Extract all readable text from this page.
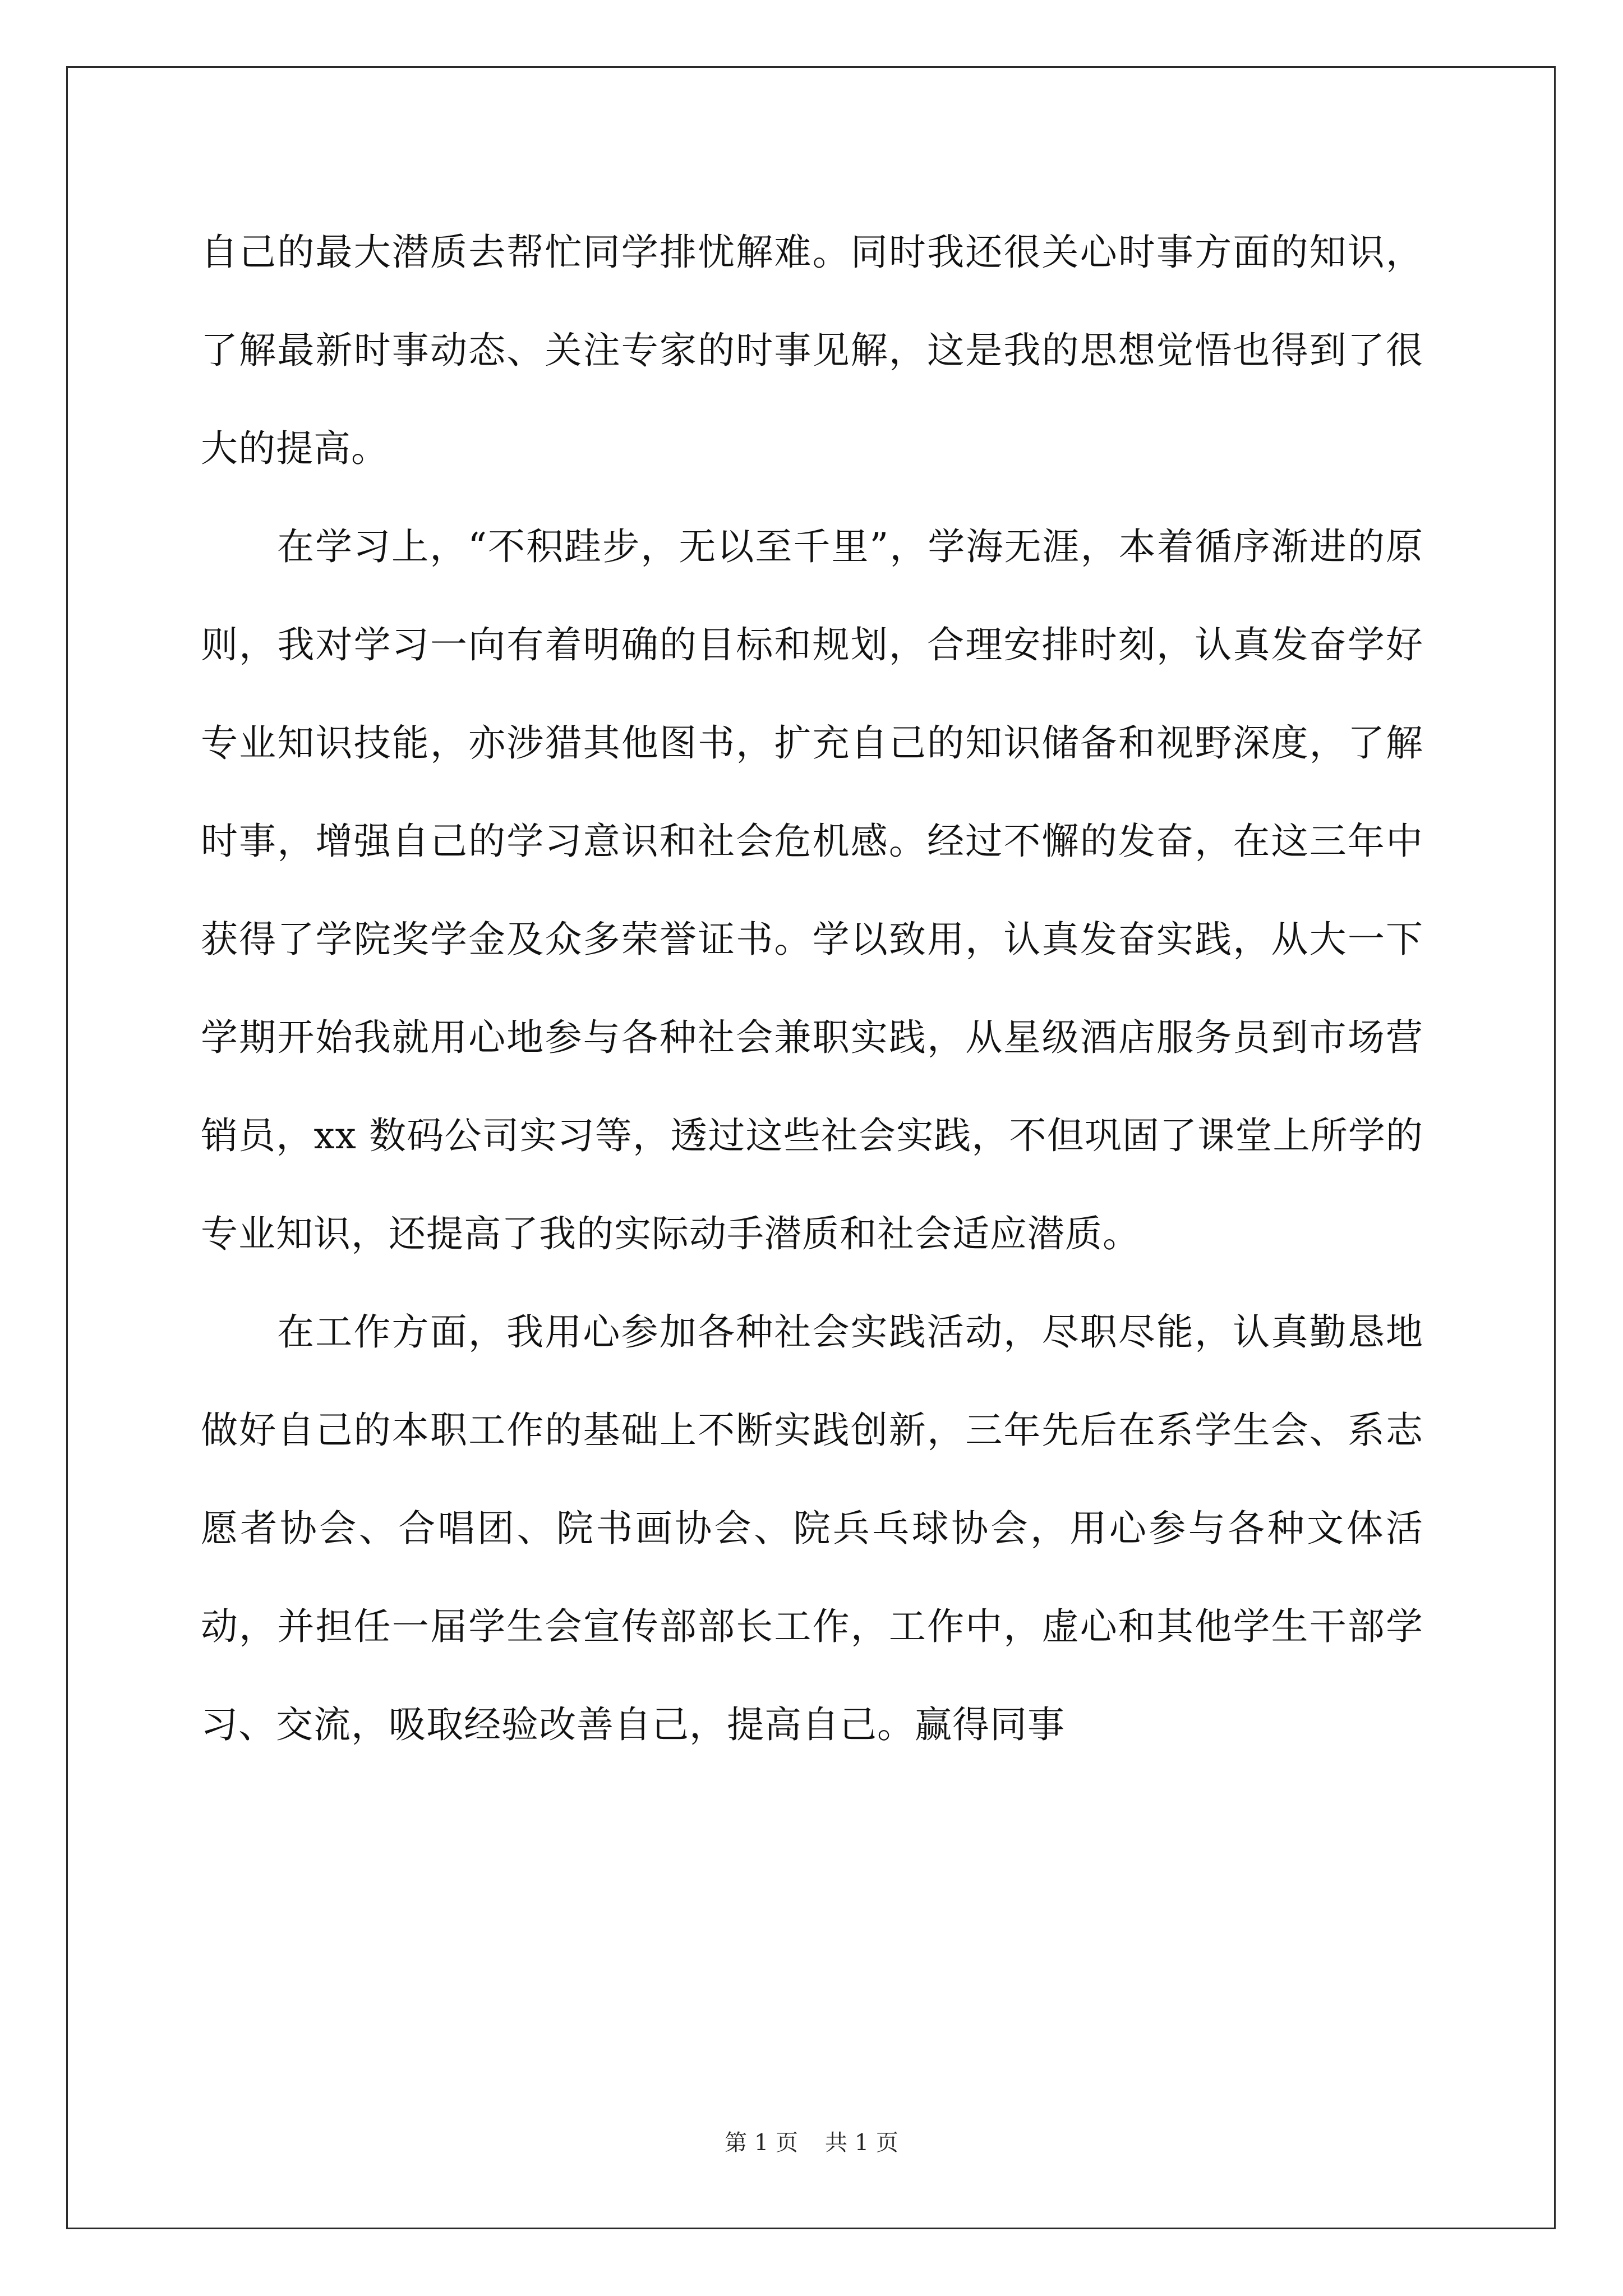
自己的最大潜质去帮忙同学排忧解难。同时我还很关心时事方面的知识，了解最新时事动态、关注专家的时事见解，这是我的思想觉悟也得到了很大的提高。

在学习上，“不积跬步，无以至千里”，学海无涯，本着循序渐进的原则，我对学习一向有着明确的目标和规划，合理安排时刻，认真发奋学好专业知识技能，亦涉猎其他图书，扩充自己的知识储备和视野深度，了解时事，增强自己的学习意识和社会危机感。经过不懈的发奋，在这三年中获得了学院奖学金及众多荣誉证书。学以致用，认真发奋实践，从大一下学期开始我就用心地参与各种社会兼职实践，从星级酒店服务员到市场营销员，xx 数码公司实习等，透过这些社会实践，不但巩固了课堂上所学的专业知识，还提高了我的实际动手潜质和社会适应潜质。

在工作方面，我用心参加各种社会实践活动，尽职尽能，认真勤恳地做好自己的本职工作的基础上不断实践创新，三年先后在系学生会、系志愿者协会、合唱团、院书画协会、院兵乓球协会，用心参与各种文体活动，并担任一届学生会宣传部部长工作，工作中，虚心和其他学生干部学习、交流，吸取经验改善自己，提高自己。赢得同事

第 1 页 共 1 页
